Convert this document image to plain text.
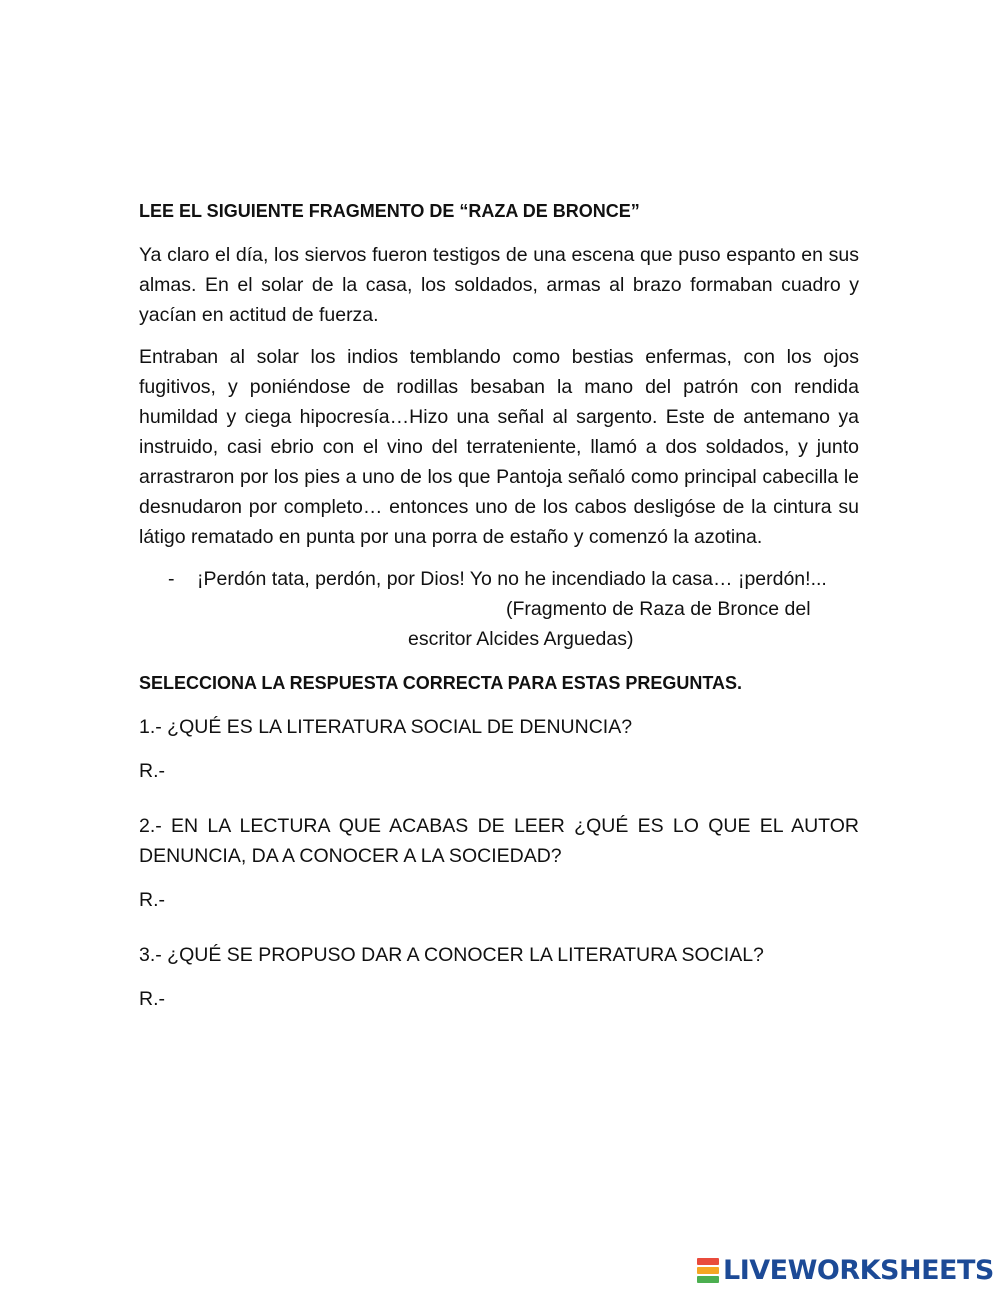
LEE EL SIGUIENTE FRAGMENTO DE “RAZA DE BRONCE”

Ya claro el día, los siervos fueron testigos de una escena que puso espanto en sus almas. En el solar de la casa, los soldados, armas al brazo formaban cuadro y yacían en actitud de fuerza.

Entraban al solar los indios temblando como bestias enfermas, con los ojos fugitivos, y poniéndose de rodillas besaban la mano del patrón con rendida humildad y ciega hipocresía…Hizo una señal al sargento. Este de antemano ya instruido, casi ebrio con el vino del terrateniente, llamó a dos soldados, y junto arrastraron por los pies a uno de los que Pantoja señaló como principal cabecilla le desnudaron por completo… entonces uno de los cabos desligóse de la cintura su látigo rematado en punta por una porra de estaño y comenzó la azotina.

- ¡Perdón tata, perdón, por Dios! Yo no he incendiado la casa… ¡perdón!...

(Fragmento de Raza de Bronce del

escritor Alcides Arguedas)

SELECCIONA LA RESPUESTA CORRECTA PARA ESTAS PREGUNTAS.

1.- ¿QUÉ ES LA LITERATURA SOCIAL DE DENUNCIA?

R.-

2.- EN LA LECTURA QUE ACABAS DE LEER ¿QUÉ ES LO QUE EL AUTOR DENUNCIA, DA A CONOCER A LA SOCIEDAD?

R.-

3.- ¿QUÉ SE PROPUSO DAR A CONOCER LA LITERATURA SOCIAL?

R.-

LIVEWORKSHEETS
